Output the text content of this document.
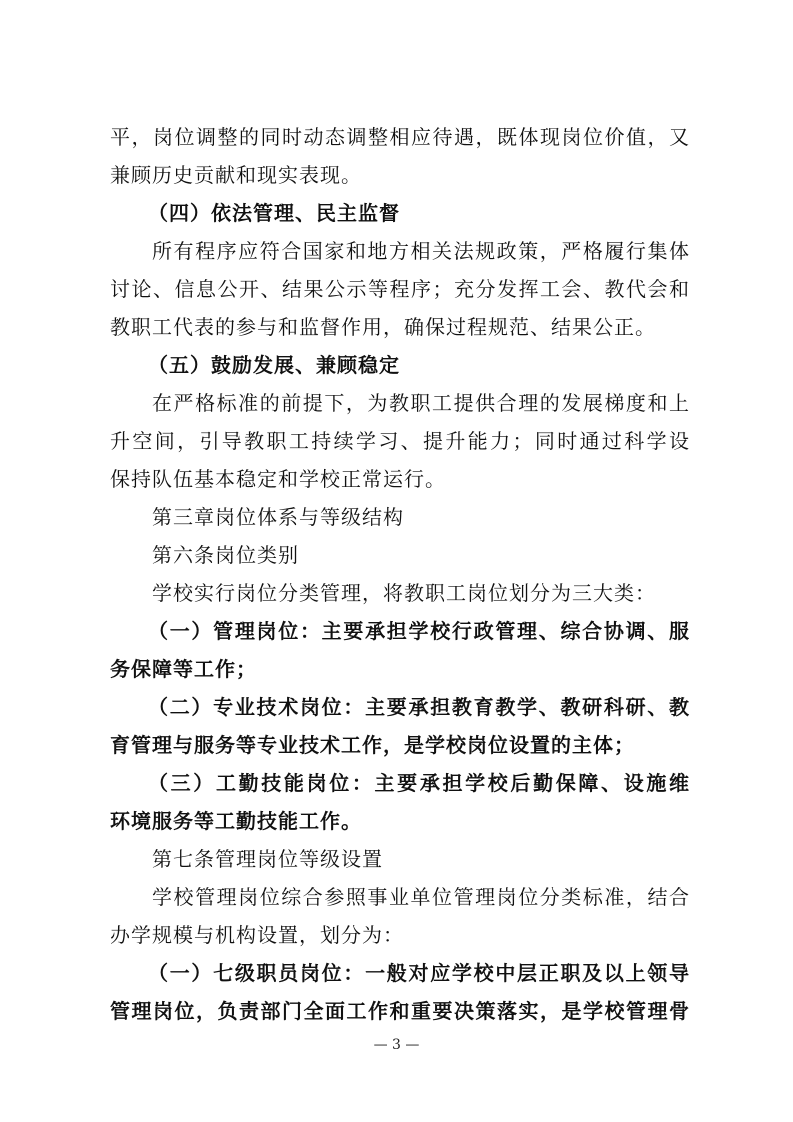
平，岗位调整的同时动态调整相应待遇，既体现岗位价值，又
兼顾历史贡献和现实表现。
（四）依法管理、民主监督
所有程序应符合国家和地方相关法规政策，严格履行集体
讨论、信息公开、结果公示等程序；充分发挥工会、教代会和
教职工代表的参与和监督作用，确保过程规范、结果公正。
（五）鼓励发展、兼顾稳定
在严格标准的前提下，为教职工提供合理的发展梯度和上
升空间，引导教职工持续学习、提升能力；同时通过科学设
保持队伍基本稳定和学校正常运行。
第三章岗位体系与等级结构
第六条岗位类别
学校实行岗位分类管理，将教职工岗位划分为三大类：
（一）管理岗位：主要承担学校行政管理、综合协调、服
务保障等工作；
（二）专业技术岗位：主要承担教育教学、教研科研、教
育管理与服务等专业技术工作，是学校岗位设置的主体；
（三）工勤技能岗位：主要承担学校后勤保障、设施维
环境服务等工勤技能工作。
第七条管理岗位等级设置
学校管理岗位综合参照事业单位管理岗位分类标准，结合
办学规模与机构设置，划分为：
（一）七级职员岗位：一般对应学校中层正职及以上领导
管理岗位，负责部门全面工作和重要决策落实，是学校管理骨
— 3 —
